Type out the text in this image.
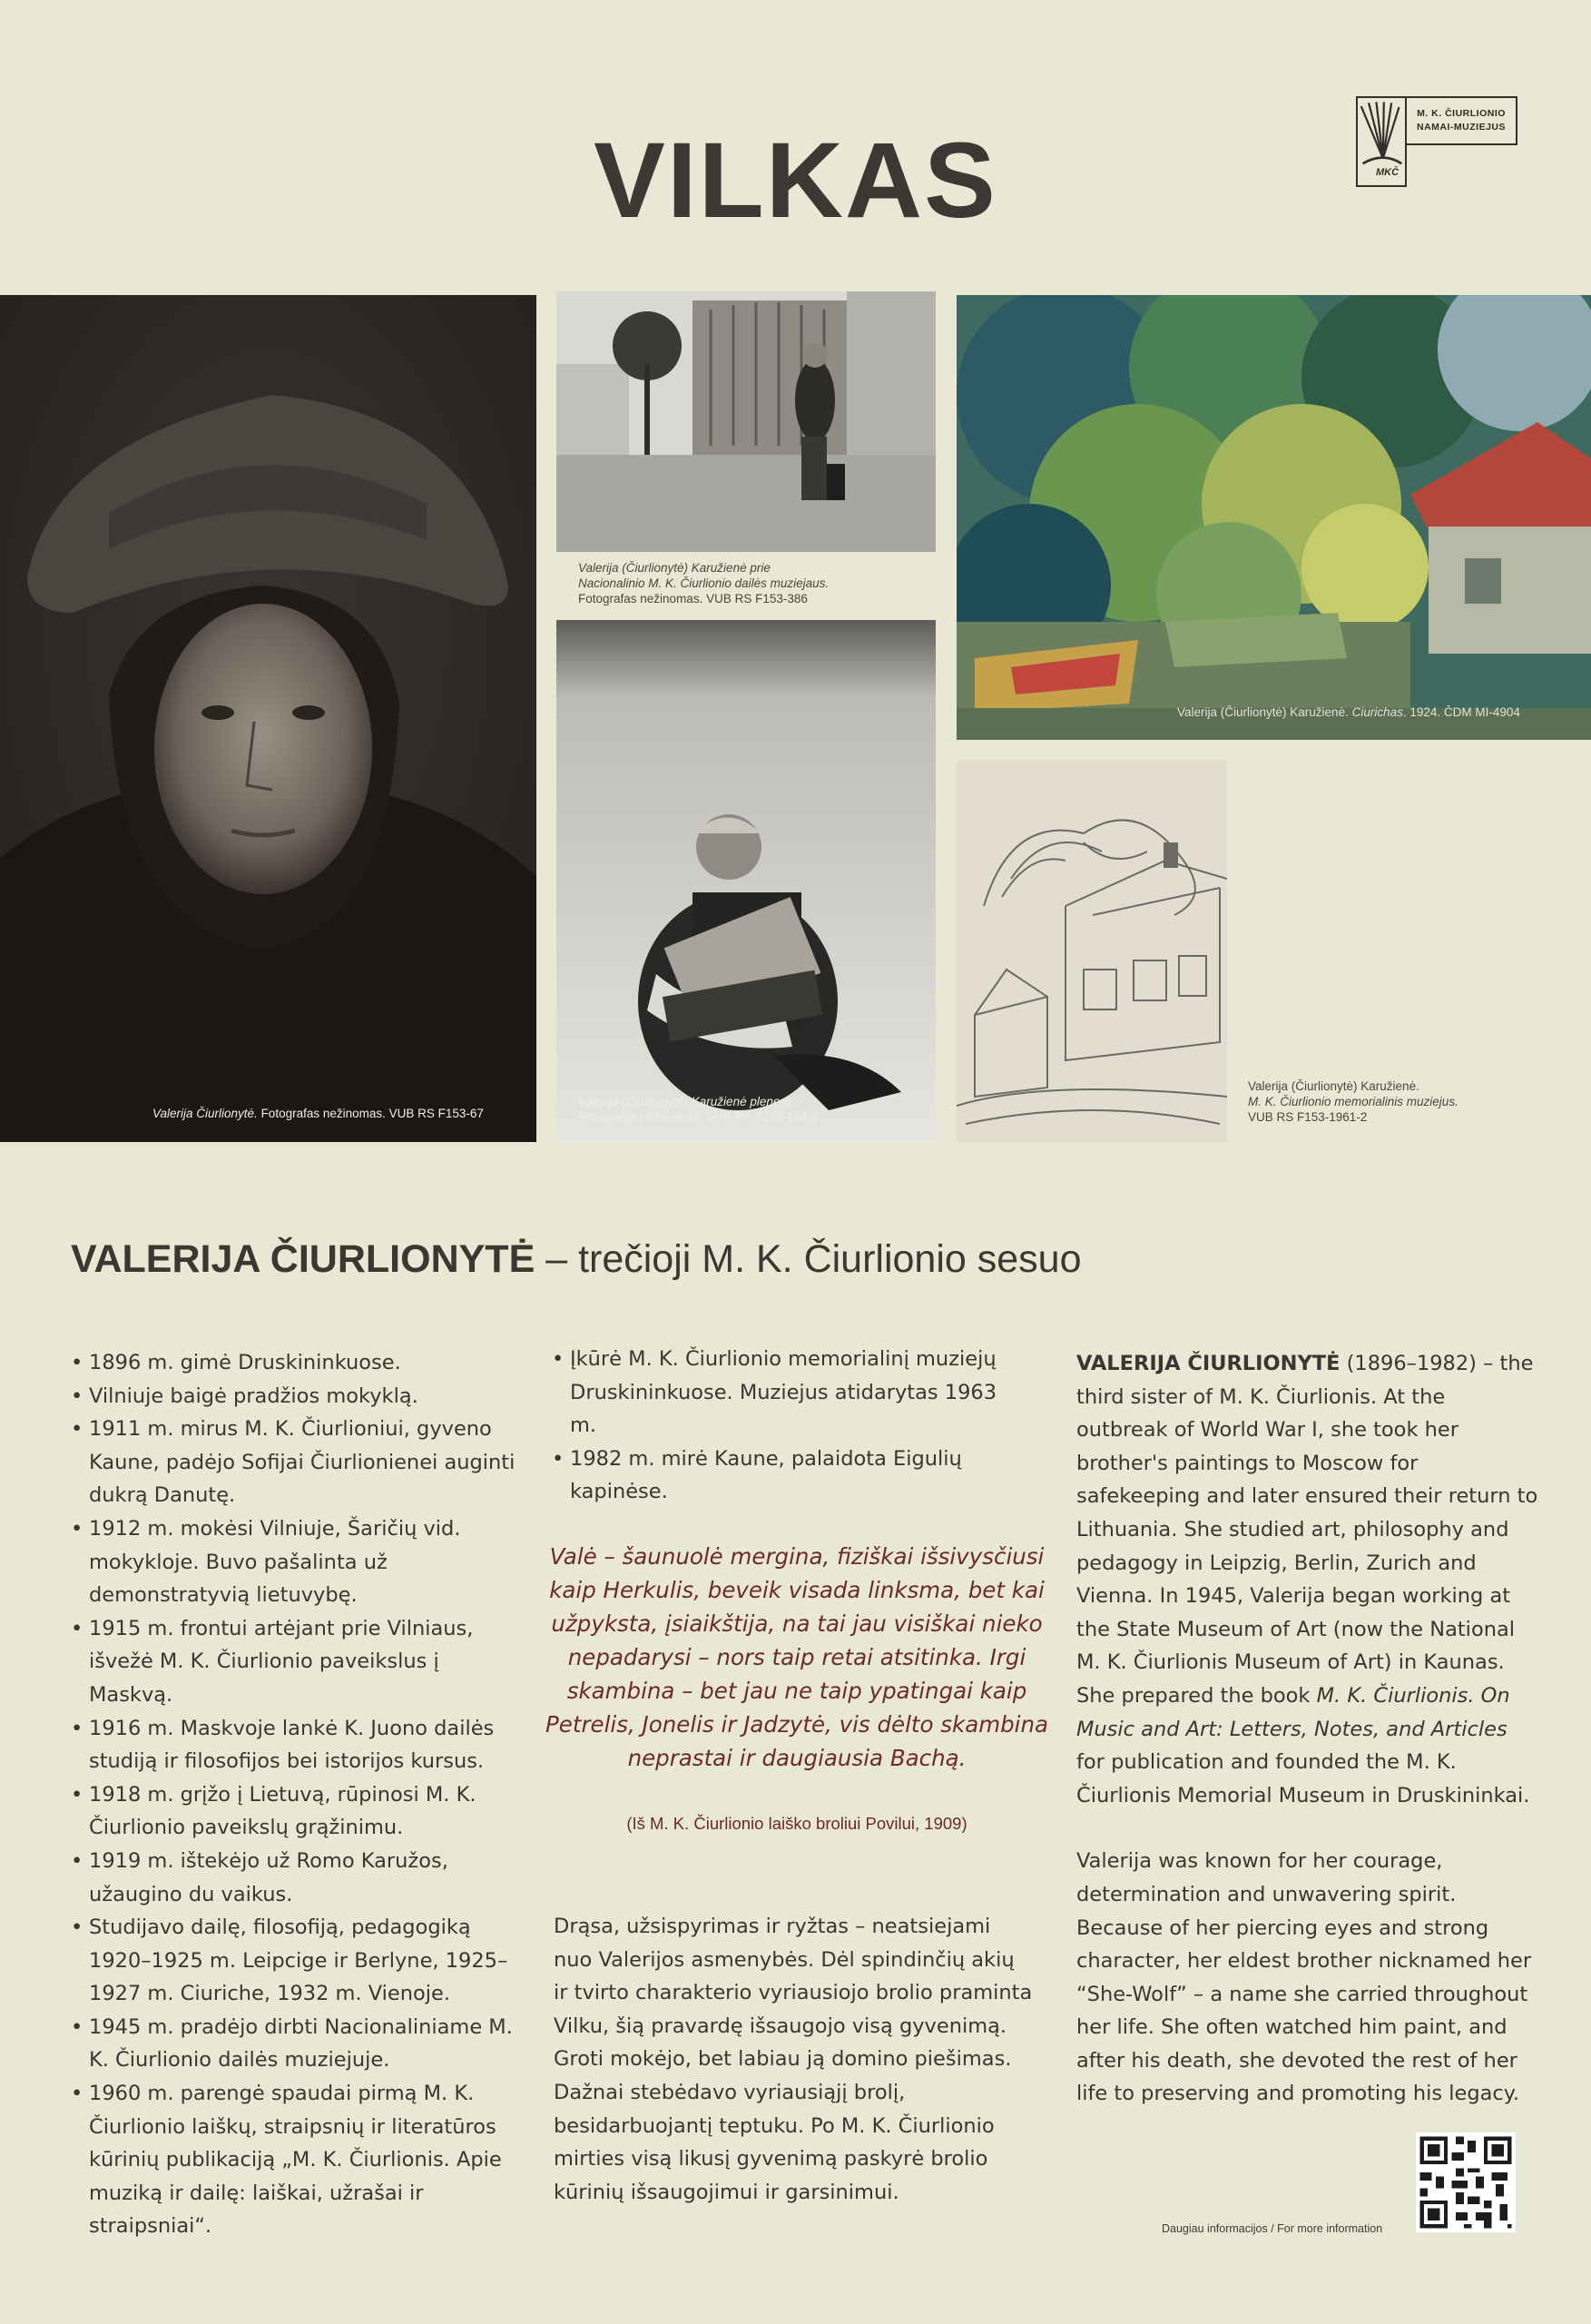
VILKAS	MKČ
M. K. ČIURLIONIO
NAMAI-MUZIEJUS
Valerija Čiurlionytė. Fotografas nežinomas. VUB RS F153-67
Valerija (Čiurlionytė) Karužienė prie
Nacionalinio M. K. Čiurlionio dailės muziejaus.
Fotografas nežinomas. VUB RS F153-386
Valerija (Čiurlionytė) Karužienė plenere.
Fotografas nežinomas. VUB RS F153-164-2
Valerija (Čiurlionytė) Karužienė. Ciurichas. 1924. ČDM MI-4904
Valerija (Čiurlionytė) Karužienė.
M. K. Čiurlionio memorialinis muziejus.
VUB RS F153-1961-2
VALERIJA ČIURLIONYTĖ – trečioji M. K. Čiurlionio sesuo
• 1896 m. gimė Druskininkuose.
• Vilniuje baigė pradžios mokyklą.
• 1911 m. mirus M. K. Čiurlioniui, gyveno Kaune, padėjo Sofijai Čiurlionienei auginti dukrą Danutę.
• 1912 m. mokėsi Vilniuje, Šaričių vid. mokykloje. Buvo pašalinta už demonstratyvią lietuvybę.
• 1915 m. frontui artėjant prie Vilniaus, išvežė M. K. Čiurlionio paveikslus į Maskvą.
• 1916 m. Maskvoje lankė K. Juono dailės studiją ir filosofijos bei istorijos kursus.
• 1918 m. grįžo į Lietuvą, rūpinosi M. K. Čiurlionio paveikslų grąžinimu.
• 1919 m. ištekėjo už Romo Karužos, užaugino du vaikus.
• Studijavo dailę, filosofiją, pedagogiką 1920–1925 m. Leipcige ir Berlyne, 1925–1927 m. Ciuriche, 1932 m. Vienoje.
• 1945 m. pradėjo dirbti Nacionaliniame M. K. Čiurlionio dailės muziejuje.
• 1960 m. parengė spaudai pirmą M. K. Čiurlionio laiškų, straipsnių ir literatūros kūrinių publikaciją „M. K. Čiurlionis. Apie muziką ir dailę: laiškai, užrašai ir straipsniai“.
• Įkūrė M. K. Čiurlionio memorialinį muziejų Druskininkuose. Muziejus atidarytas 1963 m.
• 1982 m. mirė Kaune, palaidota Eigulių kapinėse.
Valė – šaunuolė mergina, fiziškai išsivysčiusi kaip Herkulis, beveik visada linksma, bet kai užpyksta, įsiaikštija, na tai jau visiškai nieko nepadarysi – nors taip retai atsitinka. Irgi skambina – bet jau ne taip ypatingai kaip Petrelis, Jonelis ir Jadzytė, vis dėlto skambina neprastai ir daugiausia Bachą.
(Iš M. K. Čiurlionio laiško broliui Povilui, 1909)

Drąsa, užsispyrimas ir ryžtas – neatsiejami nuo Valerijos asmenybės. Dėl spindinčių akių ir tvirto charakterio vyriausiojo brolio praminta Vilku, šią pravardę išsaugojo visą gyvenimą. Groti mokėjo, bet labiau ją domino piešimas. Dažnai stebėdavo vyriausiąjį brolį, besidarbuojantį teptuku. Po M. K. Čiurlionio mirties visą likusį gyvenimą paskyrė brolio kūrinių išsaugojimui ir garsinimui.

VALERIJA ČIURLIONYTĖ (1896–1982) – the third sister of M. K. Čiurlionis. At the outbreak of World War I, she took her brother's paintings to Moscow for safekeeping and later ensured their return to Lithuania. She studied art, philosophy and pedagogy in Leipzig, Berlin, Zurich and Vienna. In 1945, Valerija began working at the State Museum of Art (now the National M. K. Čiurlionis Museum of Art) in Kaunas. She prepared the book M. K. Čiurlionis. On Music and Art: Letters, Notes, and Articles for publication and founded the M. K. Čiurlionis Memorial Museum in Druskininkai.

Valerija was known for her courage, determination and unwavering spirit. Because of her piercing eyes and strong character, her eldest brother nicknamed her “She-Wolf” – a name she carried throughout her life. She often watched him paint, and after his death, she devoted the rest of her life to preserving and promoting his legacy.

Daugiau informacijos / For more information
